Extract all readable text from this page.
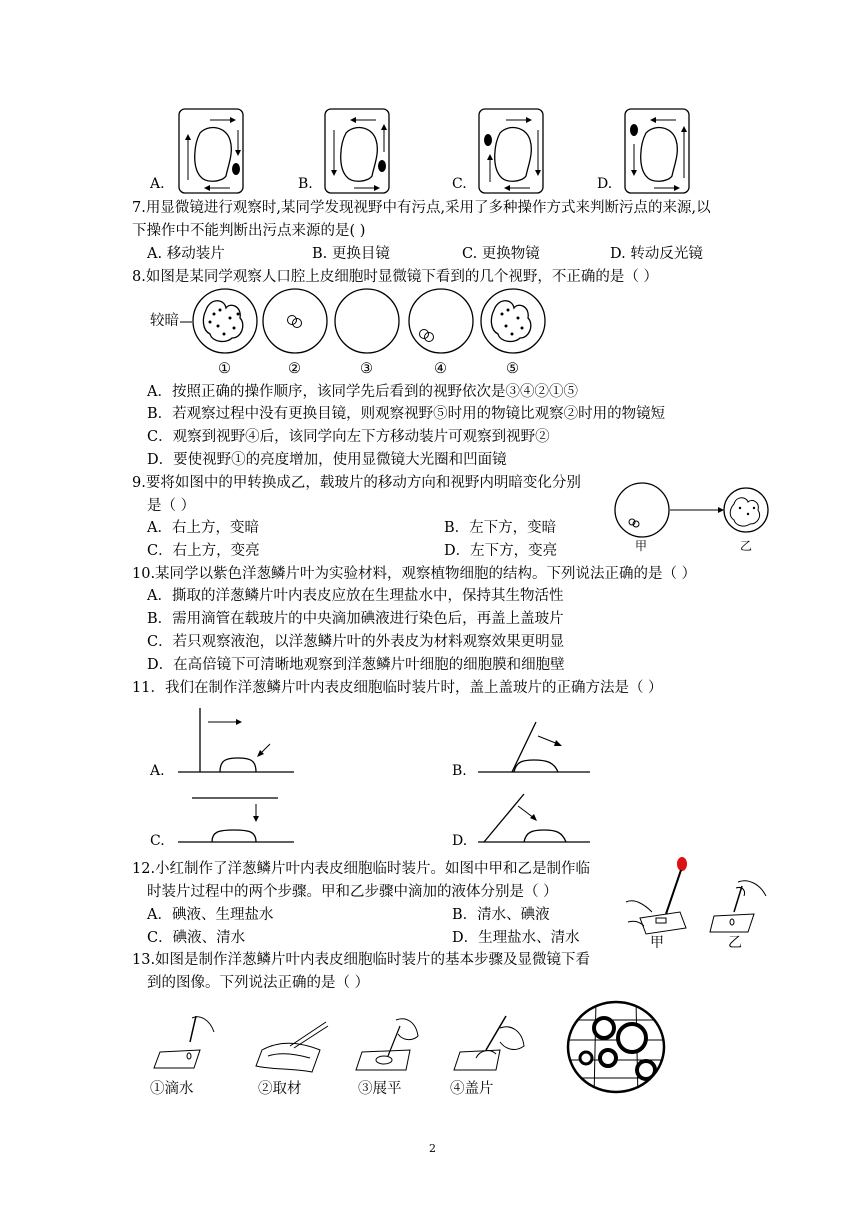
A.	B.	C.	D.
7.用显微镜进行观察时,某同学发现视野中有污点,采用了多种操作方式来判断污点的来源,以
下操作中不能判断出污点来源的是( )
A. 移动装片	B. 更换目镜	C. 更换物镜	D. 转动反光镜
8.如图是某同学观察人口腔上皮细胞时显微镜下看到的几个视野，不正确的是（ ）
较暗
①	②	③	④	⑤
A．按照正确的操作顺序，该同学先后看到的视野依次是③④②①⑤
B．若观察过程中没有更换目镜，则观察视野⑤时用的物镜比观察②时用的物镜短
C．观察到视野④后，该同学向左下方移动装片可观察到视野②
D．要使视野①的亮度增加，使用显微镜大光圈和凹面镜
9.要将如图中的甲转换成乙，载玻片的移动方向和视野内明暗变化分别
是（ ）
A．右上方，变暗	B．左下方，变暗
C．右上方，变亮	D．左下方，变亮	甲	乙
10.某同学以紫色洋葱鳞片叶为实验材料，观察植物细胞的结构。下列说法正确的是（ ）
A．撕取的洋葱鳞片叶内表皮应放在生理盐水中，保持其生物活性
B．需用滴管在载玻片的中央滴加碘液进行染色后，再盖上盖玻片
C．若只观察液泡，以洋葱鳞片叶的外表皮为材料观察效果更明显
D．在高倍镜下可清晰地观察到洋葱鳞片叶细胞的细胞膜和细胞壁
11．我们在制作洋葱鳞片叶内表皮细胞临时装片时，盖上盖玻片的正确方法是（ ）
A.	B.
C.	D.
12.小红制作了洋葱鳞片叶内表皮细胞临时装片。如图中甲和乙是制作临
时装片过程中的两个步骤。甲和乙步骤中滴加的液体分别是（ ）
A．碘液、生理盐水	B．清水、碘液
C．碘液、清水	D．生理盐水、清水	甲	乙
13.如图是制作洋葱鳞片叶内表皮细胞临时装片的基本步骤及显微镜下看
到的图像。下列说法正确的是（ ）
①滴水	②取材	③展平	④盖片
2
